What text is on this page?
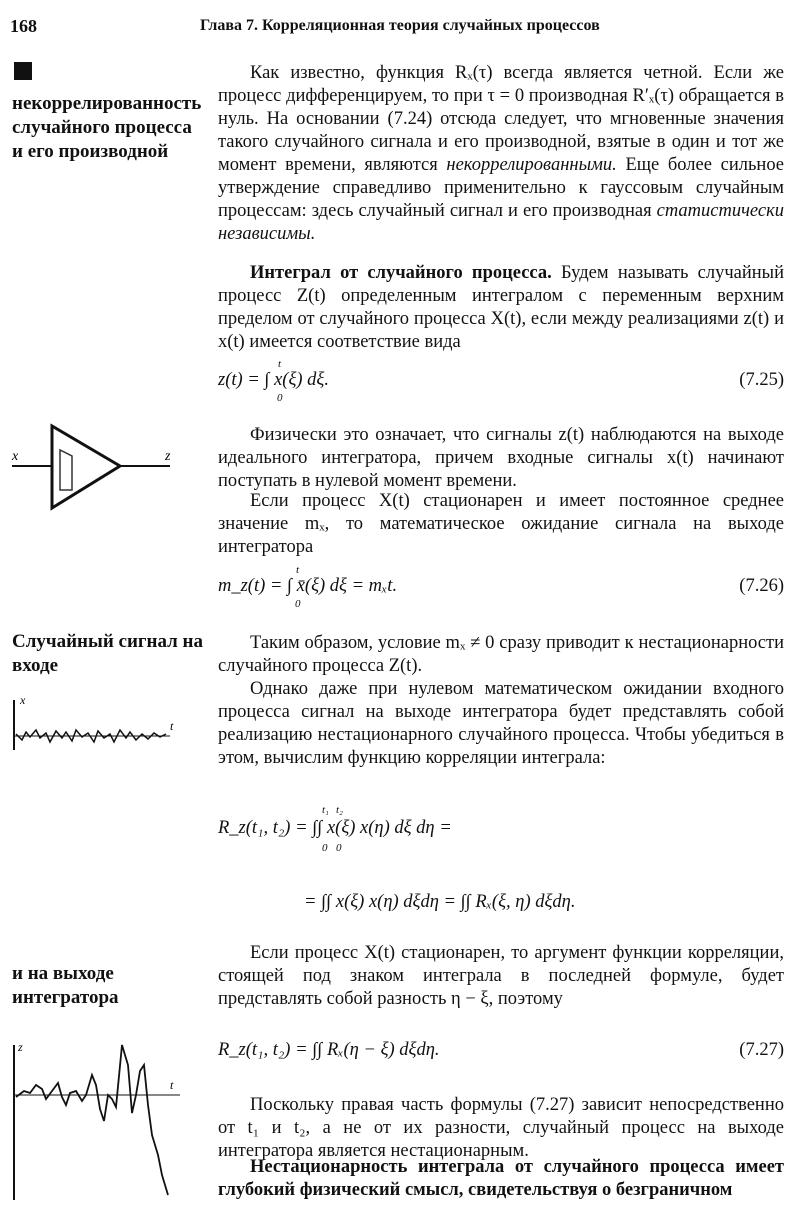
168	Глава 7. Корреляционная теория случайных процессов
некоррелированность случайного процесса и его производной
Случайный сигнал на входе
и на выходе интегратора
x	z
x
t
z
t

Как известно, функция Rₓ(τ) всегда является четной. Если же процесс дифференцируем, то при τ = 0 производная R′ₓ(τ) обращается в нуль. На основании (7.24) отсюда следует, что мгновенные значения такого случайного сигнала и его производной, взятые в один и тот же момент времени, являются некоррелированными. Еще более сильное утверждение справедливо применительно к гауссовым случайным процессам: здесь случайный сигнал и его производная статистически независимы.

Интеграл от случайного процесса. Будем называть случайный процесс Z(t) определенным интегралом с переменным верхним пределом от случайного процесса X(t), если между реализациями z(t) и x(t) имеется соответствие вида

z(t) = ∫ x(ξ) dξ.
t
0
(7.25)

Физически это означает, что сигналы z(t) наблюдаются на выходе идеального интегратора, причем входные сигналы x(t) начинают поступать в нулевой момент времени.

Если процесс X(t) стационарен и имеет постоянное среднее значение mₓ, то математическое ожидание сигнала на выходе интегратора

m_z(t) = ∫ x̄(ξ) dξ = mₓt.
t
0
(7.26)

Таким образом, условие mₓ ≠ 0 сразу приводит к нестационарности случайного процесса Z(t).

Однако даже при нулевом математическом ожидании входного процесса сигнал на выходе интегратора будет представлять собой реализацию нестационарного случайного процесса. Чтобы убедиться в этом, вычислим функцию корреляции интеграла:

R_z(t₁, t₂) = ∫∫ x(ξ) x(η) dξ dη =
t₁ t₂
0 0
= ∫∫ x(ξ) x(η) dξdη = ∫∫ Rₓ(ξ, η) dξdη.

Если процесс X(t) стационарен, то аргумент функции корреляции, стоящей под знаком интеграла в последней формуле, будет представлять собой разность η − ξ, поэтому

R_z(t₁, t₂) = ∫∫ Rₓ(η − ξ) dξdη.	(7.27)

Поскольку правая часть формулы (7.27) зависит непосредственно от t₁ и t₂, а не от их разности, случайный процесс на выходе интегратора является нестационарным.

Нестационарность интеграла от случайного процесса имеет глубокий физический смысл, свидетельствуя о безграничном
